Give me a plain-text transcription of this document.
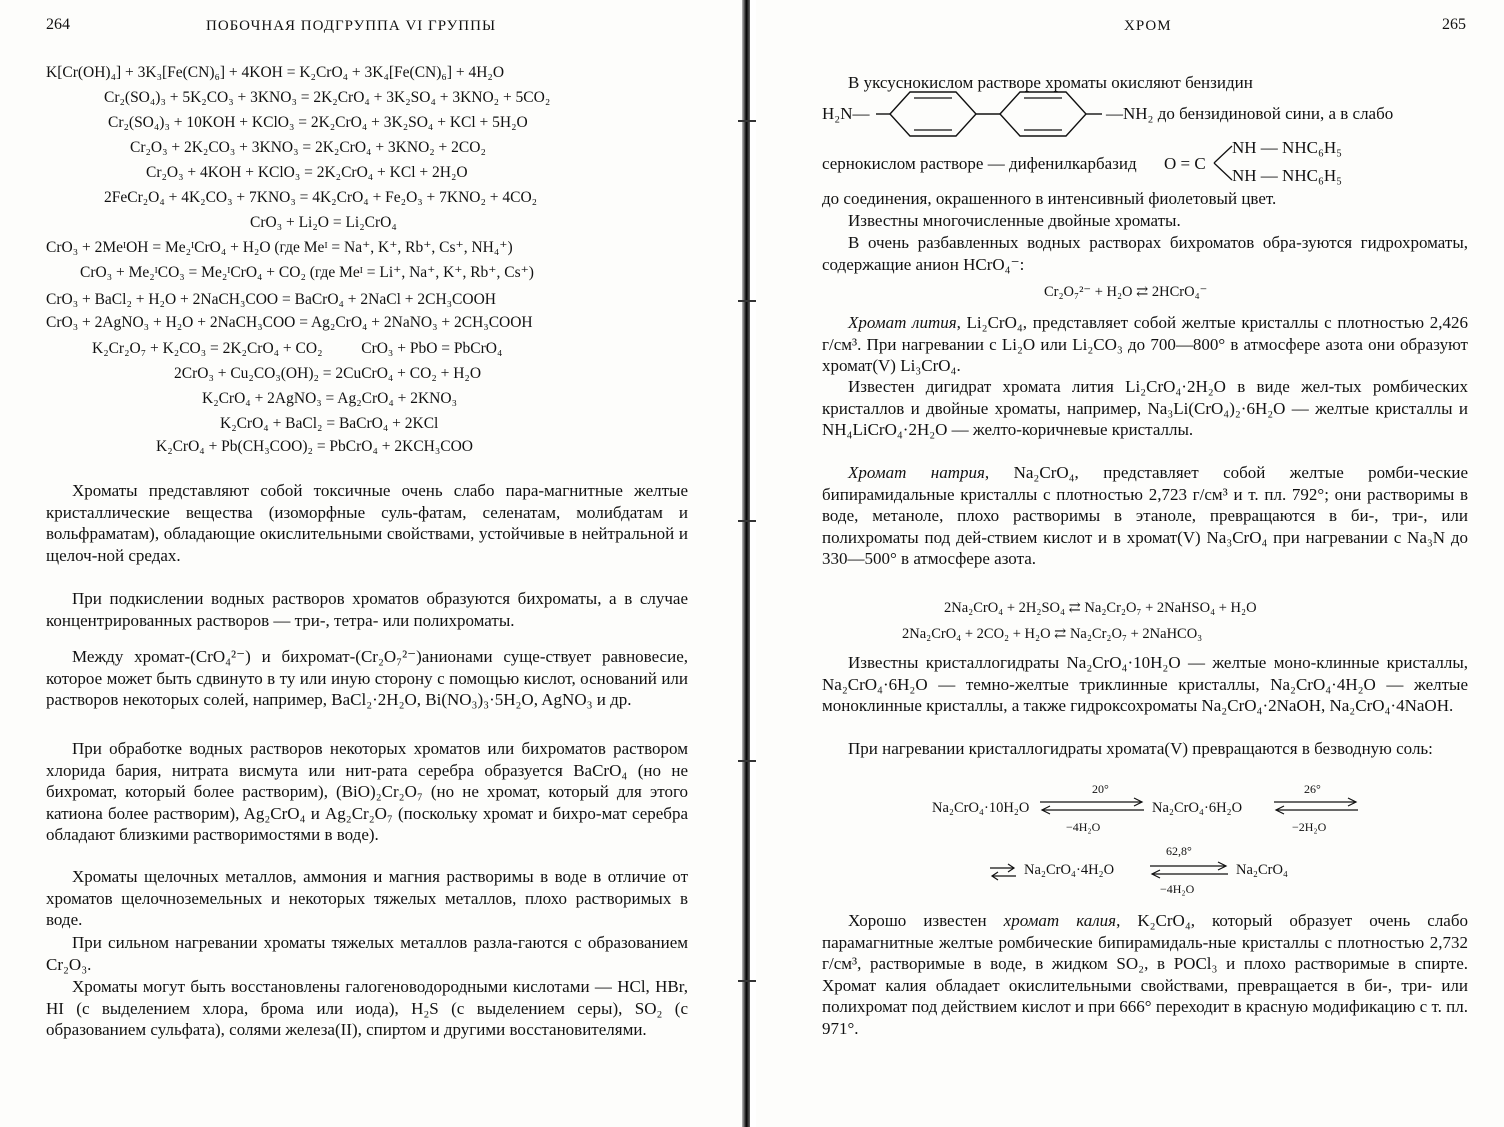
264	ПОБОЧНАЯ ПОДГРУППА VI ГРУППЫ
K[Cr(OH)₄] + 3K₃[Fe(CN)₆] + 4KOH = K₂CrO₄ + 3K₄[Fe(CN)₆] + 4H₂O
Cr₂(SO₄)₃ + 5K₂CO₃ + 3KNO₃ = 2K₂CrO₄ + 3K₂SO₄ + 3KNO₂ + 5CO₂
Cr₂(SO₄)₃ + 10KOH + KClO₃ = 2K₂CrO₄ + 3K₂SO₄ + KCl + 5H₂O
Cr₂O₃ + 2K₂CO₃ + 3KNO₃ = 2K₂CrO₄ + 3KNO₂ + 2CO₂
Cr₂O₃ + 4KOH + KClO₃ = 2K₂CrO₄ + KCl + 2H₂O
2FeCr₂O₄ + 4K₂CO₃ + 7KNO₃ = 4K₂CrO₄ + Fe₂O₃ + 7KNO₂ + 4CO₂
CrO₃ + Li₂O = Li₂CrO₄
CrO₃ + 2MeᴵOH = Me₂ᴵCrO₄ + H₂O (где Meᴵ = Na⁺, K⁺, Rb⁺, Cs⁺, NH₄⁺)
CrO₃ + Me₂ᴵCO₃ = Me₂ᴵCrO₄ + CO₂ (где Meᴵ = Li⁺, Na⁺, K⁺, Rb⁺, Cs⁺)
CrO₃ + BaCl₂ + H₂O + 2NaCH₃COO = BaCrO₄ + 2NaCl + 2CH₃COOH
CrO₃ + 2AgNO₃ + H₂O + 2NaCH₃COO = Ag₂CrO₄ + 2NaNO₃ + 2CH₃COOH
K₂Cr₂O₇ + K₂CO₃ = 2K₂CrO₄ + CO₂          CrO₃ + PbO = PbCrO₄
2CrO₃ + Cu₂CO₃(OH)₂ = 2CuCrO₄ + CO₂ + H₂O
K₂CrO₄ + 2AgNO₃ = Ag₂CrO₄ + 2KNO₃
K₂CrO₄ + BaCl₂ = BaCrO₄ + 2KCl
K₂CrO₄ + Pb(CH₃COO)₂ = PbCrO₄ + 2KCH₃COO
Хроматы представляют собой токсичные очень слабо пара-магнитные желтые кристаллические вещества (изоморфные суль-фатам, селенатам, молибдатам и вольфраматам), обладающие окислительными свойствами, устойчивые в нейтральной и щелоч-ной средах.
При подкислении водных растворов хроматов образуются бихроматы, а в случае концентрированных растворов — три-, тетра- или полихроматы.
Между хромат-(CrO₄²⁻) и бихромат-(Cr₂O₇²⁻)анионами суще-ствует равновесие, которое может быть сдвинуто в ту или иную сторону с помощью кислот, оснований или растворов некоторых солей, например, BaCl₂·2H₂O, Bi(NO₃)₃·5H₂O, AgNO₃ и др.
При обработке водных растворов некоторых хроматов или бихроматов раствором хлорида бария, нитрата висмута или нит-рата серебра образуется BaCrO₄ (но не бихромат, который более растворим), (BiO)₂Cr₂O₇ (но не хромат, который для этого катиона более растворим), Ag₂CrO₄ и Ag₂Cr₂O₇ (поскольку хромат и бихро-мат серебра обладают близкими растворимостями в воде).
Хроматы щелочных металлов, аммония и магния растворимы в воде в отличие от хроматов щелочноземельных и некоторых тяжелых металлов, плохо растворимых в воде.
При сильном нагревании хроматы тяжелых металлов разла-гаются с образованием Cr₂O₃.
Хроматы могут быть восстановлены галогеноводородными кислотами — HCl, HBr, HI (с выделением хлора, брома или иода), H₂S (с выделением серы), SO₂ (с образованием сульфата), солями железа(II), спиртом и другими восстановителями.
ХРОМ	265
В уксуснокислом растворе хроматы окисляют бензидин
H₂N—	—NH₂ до бензидиновой сини, а в слабо
сернокислом растворе — дифенилкарбазид O = C
NH — NHC₆H₅
NH — NHC₆H₅
до соединения, окрашенного в интенсивный фиолетовый цвет.
Известны многочисленные двойные хроматы.
В очень разбавленных водных растворах бихроматов обра-зуются гидрохроматы, содержащие анион HCrO₄⁻:
Cr₂O₇²⁻ + H₂O ⇄ 2HCrO₄⁻
Хромат лития, Li₂CrO₄, представляет собой желтые кристаллы с плотностью 2,426 г/см³. При нагревании с Li₂O или Li₂CO₃ до 700—800° в атмосфере азота они образуют хромат(V) Li₃CrO₄.
Известен дигидрат хромата лития Li₂CrO₄·2H₂O в виде жел-тых ромбических кристаллов и двойные хроматы, например, Na₃Li(CrO₄)₂·6H₂O — желтые кристаллы и NH₄LiCrO₄·2H₂O — желто-коричневые кристаллы.
Хромат натрия, Na₂CrO₄, представляет собой желтые ромби-ческие бипирамидальные кристаллы с плотностью 2,723 г/см³ и т. пл. 792°; они растворимы в воде, метаноле, плохо растворимы в этаноле, превращаются в би-, три-, или полихроматы под дей-ствием кислот и в хромат(V) Na₃CrO₄ при нагревании с Na₃N до 330—500° в атмосфере азота.
2Na₂CrO₄ + 2H₂SO₄ ⇄ Na₂Cr₂O₇ + 2NaHSO₄ + H₂O
2Na₂CrO₄ + 2CO₂ + H₂O ⇄ Na₂Cr₂O₇ + 2NaHCO₃
Известны кристаллогидраты Na₂CrO₄·10H₂O — желтые моно-клинные кристаллы, Na₂CrO₄·6H₂O — темно-желтые триклинные кристаллы, Na₂CrO₄·4H₂O — желтые моноклинные кристаллы, а также гидроксохроматы Na₂CrO₄·2NaOH, Na₂CrO₄·4NaOH.
При нагревании кристаллогидраты хромата(V) превращаются в безводную соль:
Na₂CrO₄·10H₂O
20°
−4H₂O
Na₂CrO₄·6H₂O
26°
−2H₂O
⇌ Na₂CrO₄·4H₂O
62,8°
−4H₂O
Na₂CrO₄
Хорошо известен хромат калия, K₂CrO₄, который образует очень слабо парамагнитные желтые ромбические бипирамидаль-ные кристаллы с плотностью 2,732 г/см³, растворимые в воде, в жидком SO₂, в POCl₃ и плохо растворимые в спирте. Хромат калия обладает окислительными свойствами, превращается в би-, три- или полихромат под действием кислот и при 666° переходит в красную модификацию с т. пл. 971°.
